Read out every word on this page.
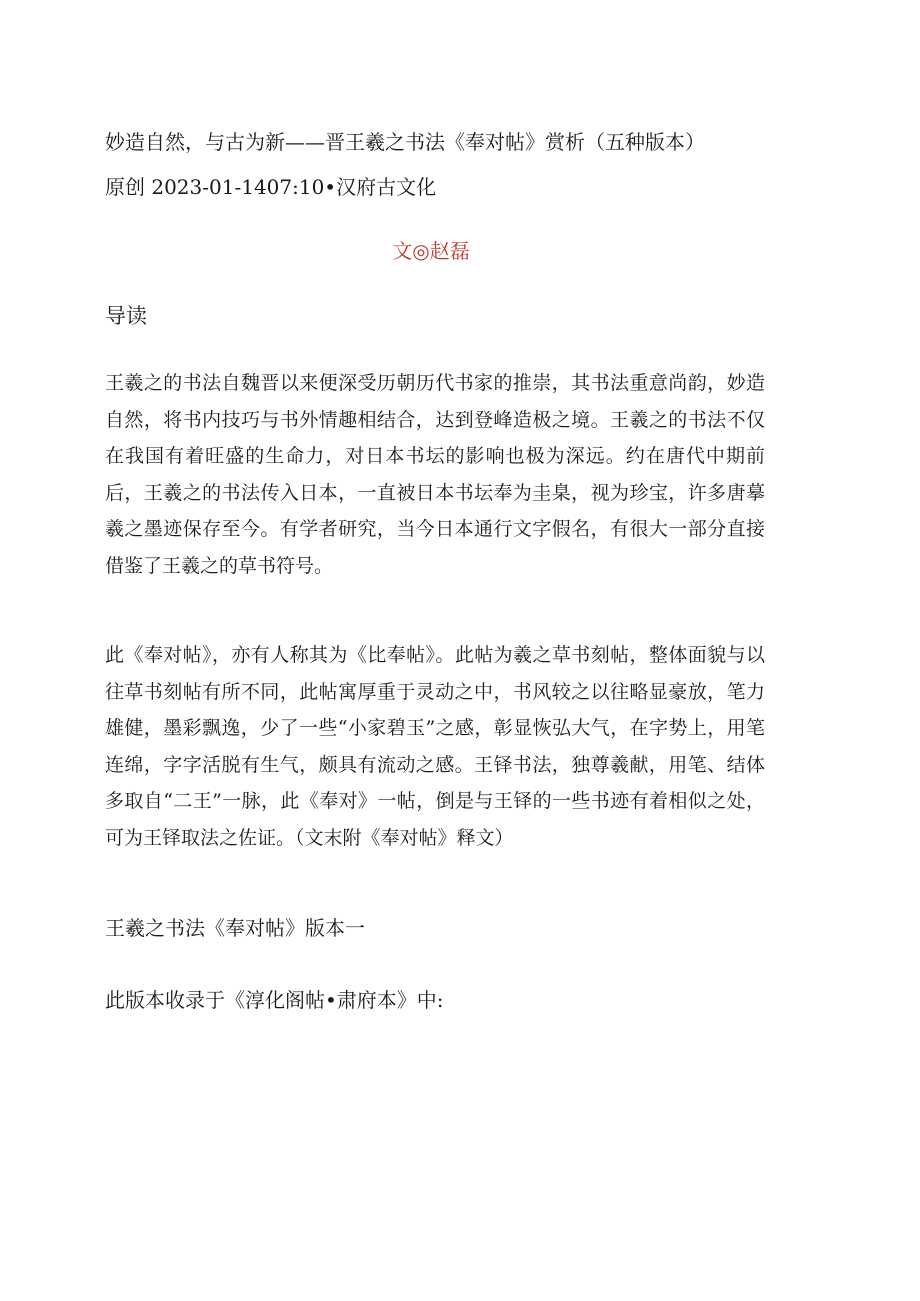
妙造自然，与古为新——晋王羲之书法《奉对帖》赏析（五种版本）
原创 2023-01-1407:10•汉府古文化
文◎赵磊
导读
王羲之的书法自魏晋以来便深受历朝历代书家的推崇，其书法重意尚韵，妙造自然，将书内技巧与书外情趣相结合，达到登峰造极之境。王羲之的书法不仅在我国有着旺盛的生命力，对日本书坛的影响也极为深远。约在唐代中期前后，王羲之的书法传入日本，一直被日本书坛奉为圭臬，视为珍宝，许多唐摹羲之墨迹保存至今。有学者研究，当今日本通行文字假名，有很大一部分直接借鉴了王羲之的草书符号。
此《奉对帖》，亦有人称其为《比奉帖》。此帖为羲之草书刻帖，整体面貌与以往草书刻帖有所不同，此帖寓厚重于灵动之中，书风较之以往略显豪放，笔力雄健，墨彩飘逸，少了一些“小家碧玉”之感，彰显恢弘大气，在字势上，用笔连绵，字字活脱有生气，颇具有流动之感。王铎书法，独尊羲献，用笔、结体多取自“二王”一脉，此《奉对》一帖，倒是与王铎的一些书迹有着相似之处，可为王铎取法之佐证。（文末附《奉对帖》释文）
王羲之书法《奉对帖》版本一
此版本收录于《淳化阁帖•肃府本》中:
